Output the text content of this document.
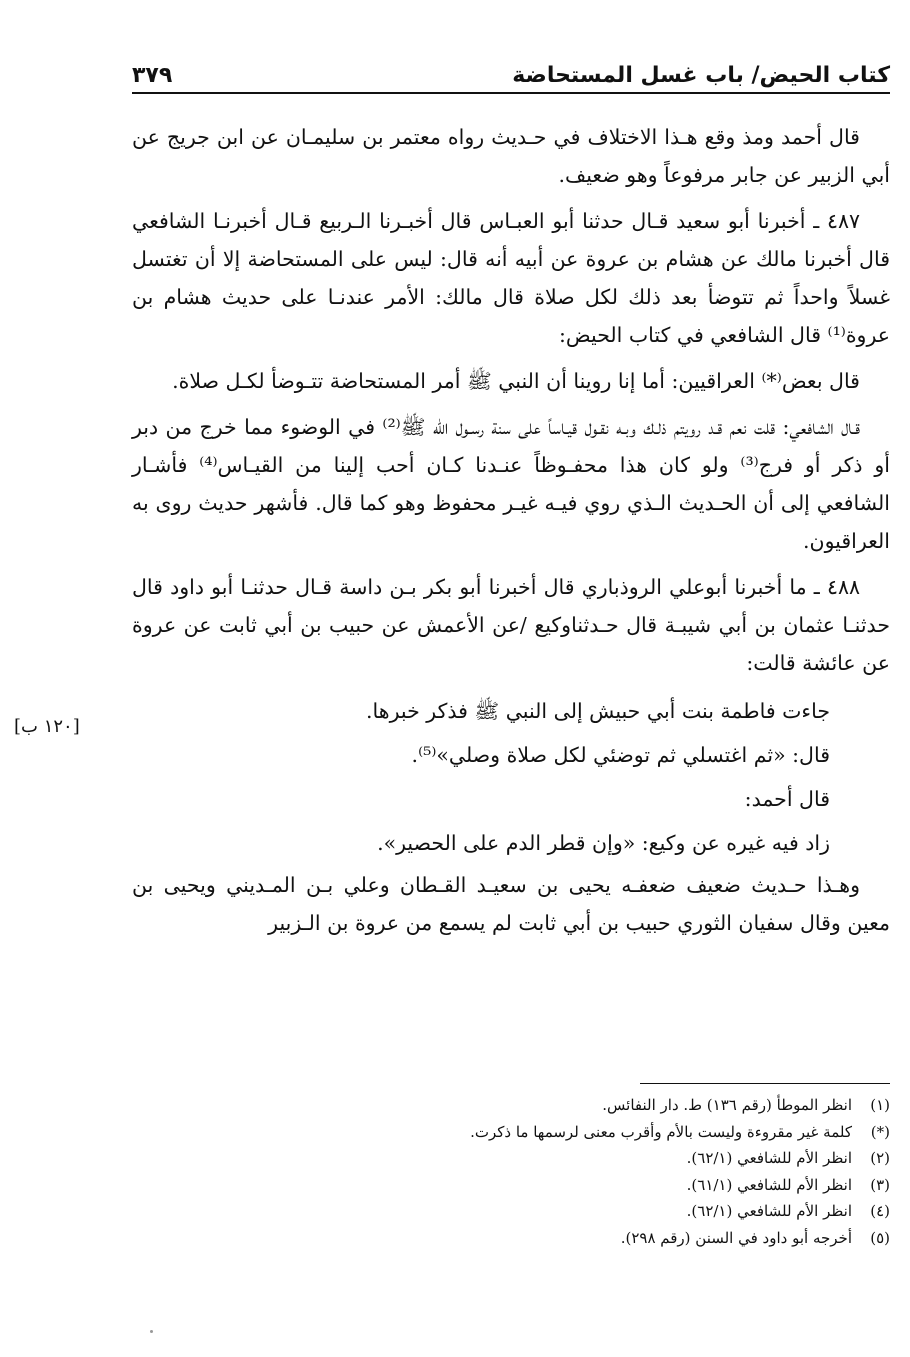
كتاب الحيض/ باب غسل المستحاضة
٣٧٩

قال أحمد ومذ وقع هـذا الاختلاف في حـديث رواه معتمر بن سليمـان عن ابن جريج عن أبي الزبير عن جابر مرفوعاً وهو ضعيف.

٤٨٧ ـ أخبرنا أبو سعيد قـال حدثنا أبو العبـاس قال أخبـرنا الـربيع قـال أخبرنـا الشافعي قال أخبرنا مالك عن هشام بن عروة عن أبيه أنه قال: ليس على المستحاضة إلا أن تغتسل غسلاً واحداً ثم تتوضأ بعد ذلك لكل صلاة قال مالك: الأمر عندنـا على حديث هشام بن عروة⁽¹⁾ قال الشافعي في كتاب الحيض:

قال بعض⁽*⁾ العراقيين: أما إنا روينا أن النبي ﷺ أمر المستحاضة تتـوضأ لكـل صلاة.

قـال الشافعي: قلت نعم قـد رويتم ذلـك وبـه نقـول قيـاساً على سنة رسـول الله ﷺ⁽²⁾ في الوضوء مما خرج من دبر أو ذكر أو فرج⁽³⁾ ولو كان هذا محفـوظاً عنـدنا كـان أحب إلينا من القيـاس⁽⁴⁾ فأشـار الشافعي إلى أن الحـديث الـذي روي فيـه غيـر محفوظ وهو كما قال. فأشهر حديث روى به العراقيون.

٤٨٨ ـ ما أخبرنا أبوعلي الروذباري قال أخبرنا أبو بكر بـن داسة قـال حدثنـا أبو داود قال حدثنـا عثمان بن أبي شيبـة قال حـدثناوكيع /عن الأعمش عن حبيب بن أبي ثابت عن عروة عن عائشة قالت:

جاءت فاطمة بنت أبي حبيش إلى النبي ﷺ فذكر خبرها.

قال: «ثم اغتسلي ثم توضئي لكل صلاة وصلي»⁽⁵⁾.

قال أحمد:

زاد فيه غيره عن وكيع: «وإن قطر الدم على الحصير».

وهـذا حـديث ضعيف ضعفـه يحيى بن سعيـد القـطان وعلي بـن المـديني ويحيى بن معين وقال سفيان الثوري حبيب بن أبي ثابت لم يسمع من عروة بن الـزبير

[١٢٠ ب]
(١)
انظر الموطأ (رقم ١٣٦) ط. دار النفائس.
(*)
كلمة غير مقروءة وليست بالأم وأقرب معنى لرسمها ما ذكرت.
(٢)
انظر الأم للشافعي (٦٢/١).
(٣)
انظر الأم للشافعي (٦١/١).
(٤)
انظر الأم للشافعي (٦٢/١).
(٥)
أخرجه أبو داود في السنن (رقم ٢٩٨).
